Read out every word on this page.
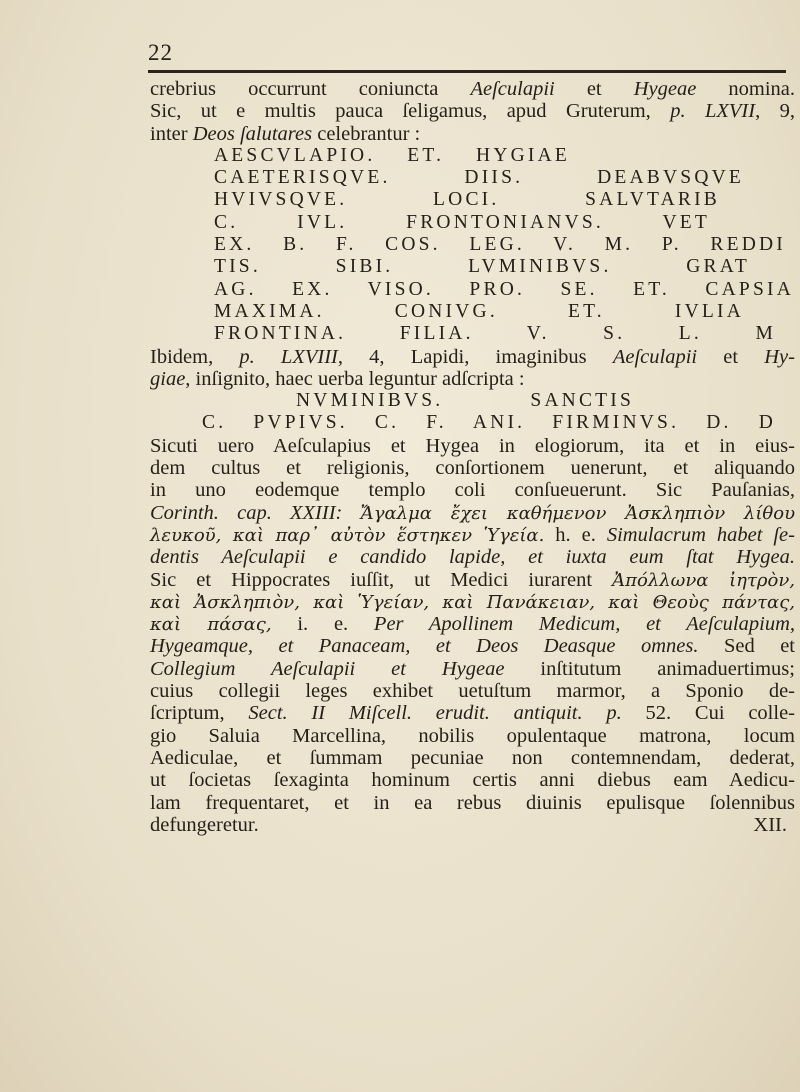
22
crebrius occurrunt coniuncta Aeſculapii et Hygeae nomina.
Sic, ut e multis pauca ſeligamus, apud Gruterum, p. LXVII, 9,
inter Deos ſalutares celebrantur :
AESCVLAPIO. ET. HYGIAE
CAETERISQVE. DIIS. DEABVSQVE
HVIVSQVE. LOCI. SALVTARIB
C. IVL. FRONTONIANVS. VET
EX. B. F. COS. LEG. V. M. P. REDDI
TIS. SIBI. LVMINIBVS. GRAT
AG. EX. VISO. PRO. SE. ET. CAPSIA
MAXIMA. CONIVG. ET. IVLIA
FRONTINA. FILIA. V. S. L. M
Ibidem, p. LXVIII, 4, Lapidi, imaginibus Aeſculapii et Hy-
giae, inſignito, haec uerba leguntur adſcripta :
NVMINIBVS. SANCTIS
C. PVPIVS. C. F. ANI. FIRMINVS. D. D
Sicuti uero Aeſculapius et Hygea in elogiorum, ita et in eius-
dem cultus et religionis, conſortionem uenerunt, et aliquando
in uno eodemque templo coli conſueuerunt. Sic Pauſanias,
Corinth. cap. XXIII: Ἄγαλμα ἔχει καθήμενον Ἀσκληπιὸν λίθου
λευκοῦ, καὶ παρ᾽ αὐτὸν ἕστηκεν Ὑγεία. h. e. Simulacrum habet ſe-
dentis Aeſculapii e candido lapide, et iuxta eum ſtat Hygea.
Sic et Hippocrates iuſſit, ut Medici iurarent Ἀπόλλωνα ἰητρὸν,
καὶ Ἀσκληπιὸν, καὶ Ὑγείαν, καὶ Πανάκειαν, καὶ Θεοὺς πάντας,
καὶ πάσας, i. e. Per Apollinem Medicum, et Aeſculapium,
Hygeamque, et Panaceam, et Deos Deasque omnes. Sed et
Collegium Aeſculapii et Hygeae inſtitutum animaduertimus;
cuius collegii leges exhibet uetuſtum marmor, a Sponio de-
ſcriptum, Sect. II Miſcell. erudit. antiquit. p. 52. Cui colle-
gio Saluia Marcellina, nobilis opulentaque matrona, locum
Aediculae, et ſummam pecuniae non contemnendam, dederat,
ut ſocietas ſexaginta hominum certis anni diebus eam Aedicu-
lam frequentaret, et in ea rebus diuinis epulisque ſolennibus
defungeretur.	XII.
